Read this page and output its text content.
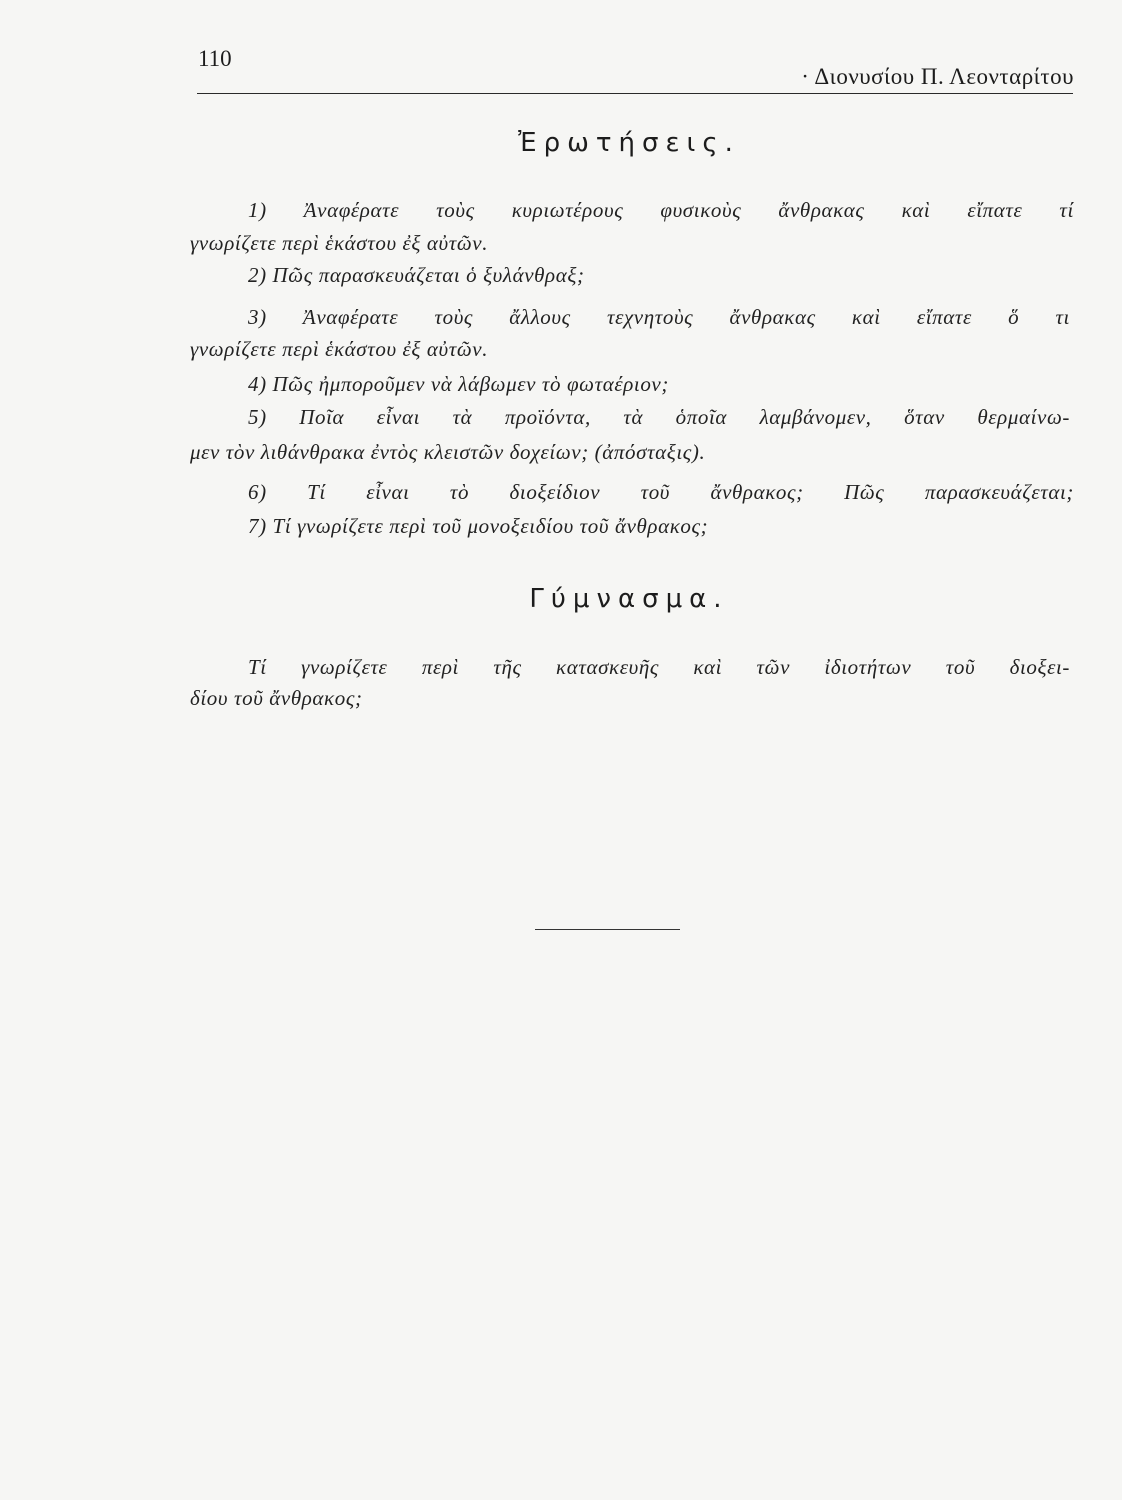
110
· Διονυσίου Π. Λεονταρίτου
Ἐρωτήσεις.
1) Ἀναφέρατε τοὺς κυριωτέρους φυσικοὺς ἄνθρακας καὶ εἴπατε τί
γνωρίζετε περὶ ἑκάστου ἐξ αὐτῶν.
2) Πῶς παρασκευάζεται ὁ ξυλάνθραξ;
3) Ἀναφέρατε τοὺς ἄλλους τεχνητοὺς ἄνθρακας καὶ εἴπατε ὅ τι
γνωρίζετε περὶ ἑκάστου ἐξ αὐτῶν.
4) Πῶς ἠμποροῦμεν νὰ λάβωμεν τὸ φωταέριον;
5) Ποῖα εἶναι τὰ προϊόντα, τὰ ὁποῖα λαμβάνομεν, ὅταν θερμαίνω-
μεν τὸν λιθάνθρακα ἐντὸς κλειστῶν δοχείων; (ἀπόσταξις).
6) Τί εἶναι τὸ διοξείδιον τοῦ ἄνθρακος; Πῶς παρασκευάζεται;
7) Τί γνωρίζετε περὶ τοῦ μονοξειδίου τοῦ ἄνθρακος;
Γύμνασμα.
Τί γνωρίζετε περὶ τῆς κατασκευῆς καὶ τῶν ἰδιοτήτων τοῦ διοξει-
δίου τοῦ ἄνθρακος;
